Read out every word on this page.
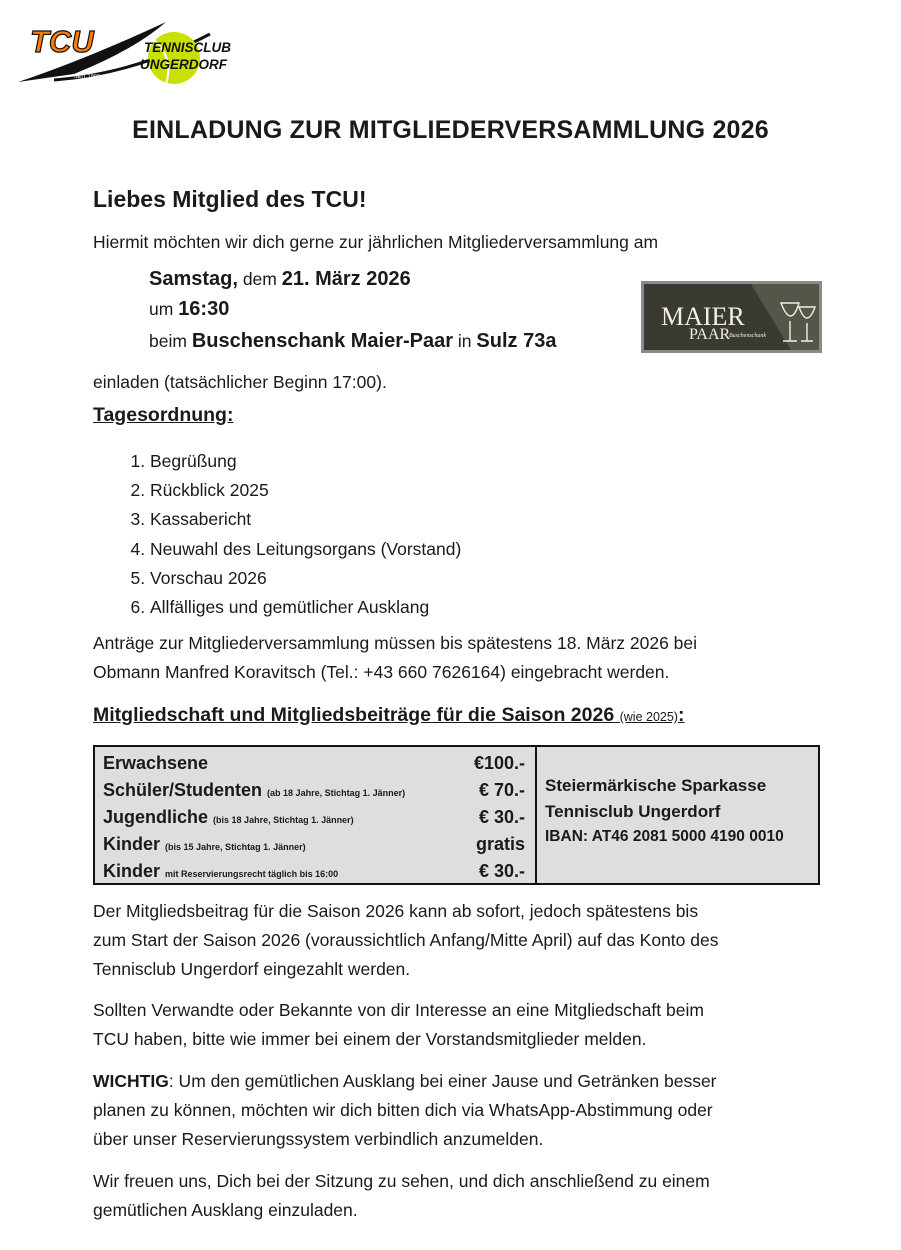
TCU	TENNISCLUB
UNGERDORF
SEIT 1990
EINLADUNG ZUR MITGLIEDERVERSAMMLUNG 2026
Liebes Mitglied des TCU!
Hiermit möchten wir dich gerne zur jährlichen Mitgliederversammlung am
Samstag, dem 21. März 2026
um 16:30
beim Buschenschank Maier-Paar in Sulz 73a
MAIER
PAAR
Buschenschank
einladen (tatsächlicher Beginn 17:00).
Tagesordnung:
1. Begrüßung
2. Rückblick 2025
3. Kassabericht
4. Neuwahl des Leitungsorgans (Vorstand)
5. Vorschau 2026
6. Allfälliges und gemütlicher Ausklang
Anträge zur Mitgliederversammlung müssen bis spätestens 18. März 2026 bei
Obmann Manfred Koravitsch (Tel.: +43 660 7626164) eingebracht werden.
Mitgliedschaft und Mitgliedsbeiträge für die Saison 2026 (wie 2025):
Erwachsene	€100.-
Schüler/Studenten (ab 18 Jahre, Stichtag 1. Jänner)	€ 70.-
Jugendliche (bis 18 Jahre, Stichtag 1. Jänner)	€ 30.-
Kinder (bis 15 Jahre, Stichtag 1. Jänner)	gratis
Kinder mit Reservierungsrecht täglich bis 16:00	€ 30.-
Steiermärkische Sparkasse
Tennisclub Ungerdorf
IBAN: AT46 2081 5000 4190 0010
Der Mitgliedsbeitrag für die Saison 2026 kann ab sofort, jedoch spätestens bis
zum Start der Saison 2026 (voraussichtlich Anfang/Mitte April) auf das Konto des
Tennisclub Ungerdorf eingezahlt werden.
Sollten Verwandte oder Bekannte von dir Interesse an eine Mitgliedschaft beim
TCU haben, bitte wie immer bei einem der Vorstandsmitglieder melden.
WICHTIG: Um den gemütlichen Ausklang bei einer Jause und Getränken besser
planen zu können, möchten wir dich bitten dich via WhatsApp-Abstimmung oder
über unser Reservierungssystem verbindlich anzumelden.
Wir freuen uns, Dich bei der Sitzung zu sehen, und dich anschließend zu einem
gemütlichen Ausklang einzuladen.
